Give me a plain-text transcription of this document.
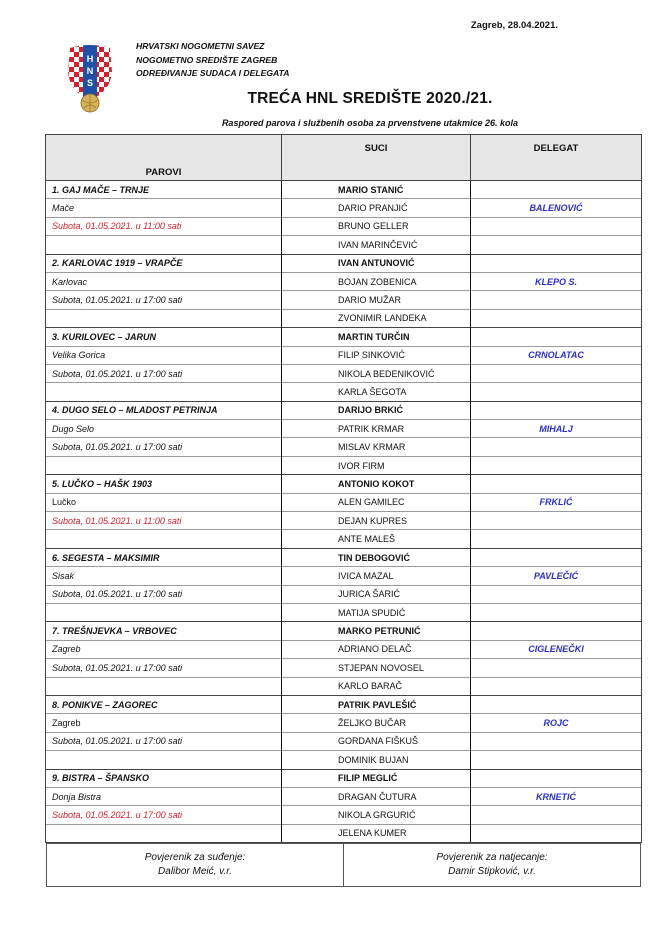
Zagreb, 28.04.2021.
H
N
S
HRVATSKI NOGOMETNI SAVEZ
NOGOMETNO SREDIŠTE ZAGREB
ODREĐIVANJE SUDACA I DELEGATA
TREĆA HNL SREDIŠTE 2020./21.
Raspored parova i službenih osoba za prvenstvene utakmice 26. kola
PAROVI	SUCI	DELEGAT
1. GAJ MAČE – TRNJE	MARIO STANIĆ	
Mače	DARIO PRANJIĆ	BALENOVIĆ
Subota, 01.05.2021. u 11:00 sati	BRUNO GELLER	
	IVAN MARINČEVIĆ	
2. KARLOVAC 1919 – VRAPČE	IVAN ANTUNOVIĆ	
Karlovac	BOJAN ZOBENICA	KLEPO S.
Subota, 01.05.2021. u 17:00 sati	DARIO MUŽAR	
	ZVONIMIR LANDEKA	
3. KURILOVEC – JARUN	MARTIN TURČIN	
Velika Gorica	FILIP SINKOVIĆ	CRNOLATAC
Subota, 01.05.2021. u 17:00 sati	NIKOLA BEDENIKOVIĆ	
	KARLA ŠEGOTA	
4. DUGO SELO – MLADOST PETRINJA	DARIJO BRKIĆ	
Dugo Selo	PATRIK KRMAR	MIHALJ
Subota, 01.05.2021. u 17:00 sati	MISLAV KRMAR	
	IVOR FIRM	
5. LUČKO – HAŠK 1903	ANTONIO KOKOT	
Lučko	ALEN GAMILEC	FRKLIĆ
Subota, 01.05.2021. u 11:00 sati	DEJAN KUPRES	
	ANTE MALEŠ	
6. SEGESTA – MAKSIMIR	TIN DEBOGOVIĆ	
Sisak	IVICA MAZAL	PAVLEČIĆ
Subota, 01.05.2021. u 17:00 sati	JURICA ŠARIĆ	
	MATIJA SPUDIĆ	
7. TREŠNJEVKA – VRBOVEC	MARKO PETRUNIĆ	
Zagreb	ADRIANO DELAČ	CIGLENEČKI
Subota, 01.05.2021. u 17:00 sati	STJEPAN NOVOSEL	
	KARLO BARAČ	
8. PONIKVE – ZAGOREC	PATRIK PAVLEŠIĆ	
Zagreb	ŽELJKO BUČAR	ROJC
Subota, 01.05.2021. u 17:00 sati	GORDANA FIŠKUŠ	
	DOMINIK BUJAN	
9. BISTRA – ŠPANSKO	FILIP MEGLIĆ	
Donja Bistra	DRAGAN ČUTURA	KRNETIĆ
Subota, 01.05.2021. u 17:00 sati	NIKOLA GRGURIĆ	
	JELENA KUMER	
Povjerenik za suđenje:
Dalibor Meić, v.r.

Povjerenik za natjecanje:
Damir Stipković, v.r.
